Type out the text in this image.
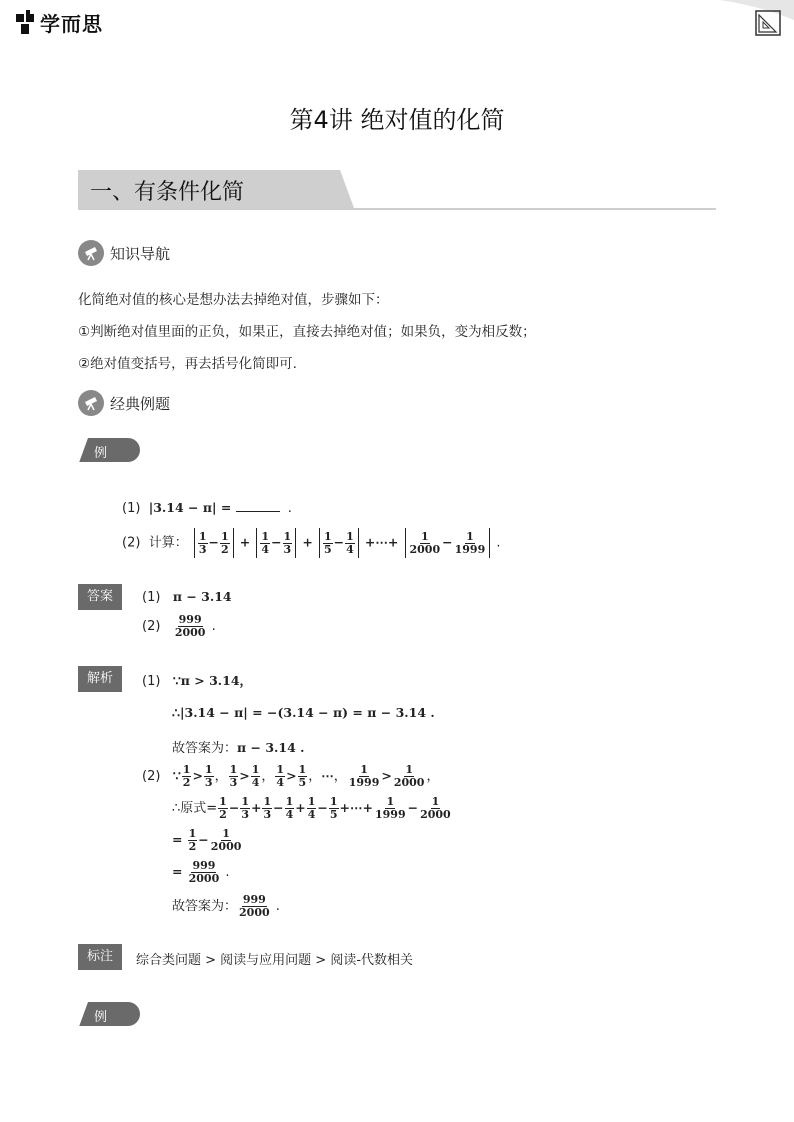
学而思
第4讲 绝对值的化简
一、有条件化简
知识导航
化简绝对值的核心是想办法去掉绝对值，步骤如下：
①判断绝对值里面的正负，如果正，直接去掉绝对值；如果负，变为相反数；
②绝对值变括号，再去括号化简即可.
经典例题
例题1
(1) |3.14 − π| =	.
(2) 计算： $\frac{1}{3} - \frac{1}{2} + \frac{1}{4} - \frac{1}{3} + \frac{1}{5} - \frac{1}{4}$ +⋯+ $\frac{1}{2000} - \frac{1}{1999}$ .
答案	(1) π − 3.14
$(2) \frac{999}{2000}$ .
解析	(1) ∵π > 3.14，
∴|3.14 − π| = −(3.14 − π) = π − 3.14 .
故答案为：π − 3.14 .
(2) ∵ $\frac{1}{2} > \frac{1}{3}$ ， $\frac{1}{3} > \frac{1}{4}$ ， $\frac{1}{4} > \frac{1}{5}$ ，⋯， $\frac{1}{1999} > \frac{1}{2000}$ ，
∴原式= $\frac{1}{2} - \frac{1}{3} + \frac{1}{3} - \frac{1}{4} + \frac{1}{4} - \frac{1}{5}$ +⋯+ $\frac{1}{1999} - \frac{1}{2000}$
= $\frac{1}{2} - \frac{1}{2000}$
= $\frac{999}{2000}$ .
故答案为： $\frac{999}{2000}$ .
标注	综合类问题 > 阅读与应用问题 > 阅读-代数相关
例题2
